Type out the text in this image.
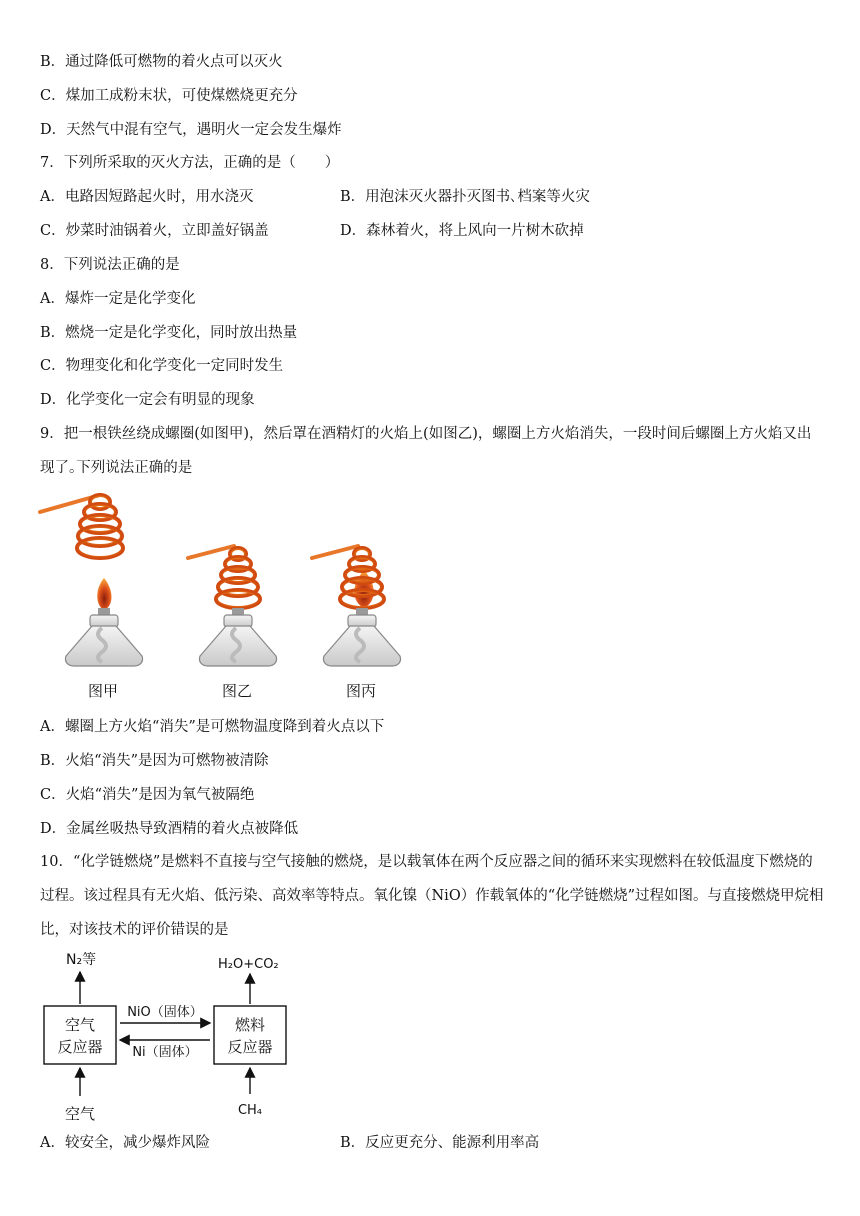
B．通过降低可燃物的着火点可以灭火
C．煤加工成粉末状，可使煤燃烧更充分
D．天然气中混有空气，遇明火一定会发生爆炸
7．下列所采取的灭火方法，正确的是（　　）
A．电路因短路起火时，用水浇灭	B．用泡沫灭火器扑灭图书､档案等火灾
C．炒菜时油锅着火，立即盖好锅盖	D．森林着火，将上风向一片树木砍掉
8．下列说法正确的是
A．爆炸一定是化学变化
B．燃烧一定是化学变化，同时放出热量
C．物理变化和化学变化一定同时发生
D．化学变化一定会有明显的现象
9．把一根铁丝绕成螺圈(如图甲)，然后罩在酒精灯的火焰上(如图乙)，螺圈上方火焰消失，一段时间后螺圈上方火焰又出现了｡下列说法正确的是
图甲	图乙	图丙
A．螺圈上方火焰“消失”是可燃物温度降到着火点以下
B．火焰“消失”是因为可燃物被清除
C．火焰“消失”是因为氧气被隔绝
D．金属丝吸热导致酒精的着火点被降低
10．“化学链燃烧”是燃料不直接与空气接触的燃烧，是以载氧体在两个反应器之间的循环来实现燃料在较低温度下燃烧的过程。该过程具有无火焰、低污染、高效率等特点。氧化镍（NiO）作载氧体的“化学链燃烧”过程如图。与直接燃烧甲烷相比，对该技术的评价错误的是
N₂等	H₂O+CO₂
空气
反应器
燃料
反应器
NiO（固体）
Ni（固体）
空气	CH₄
A．较安全，减少爆炸风险	B．反应更充分、能源利用率高
